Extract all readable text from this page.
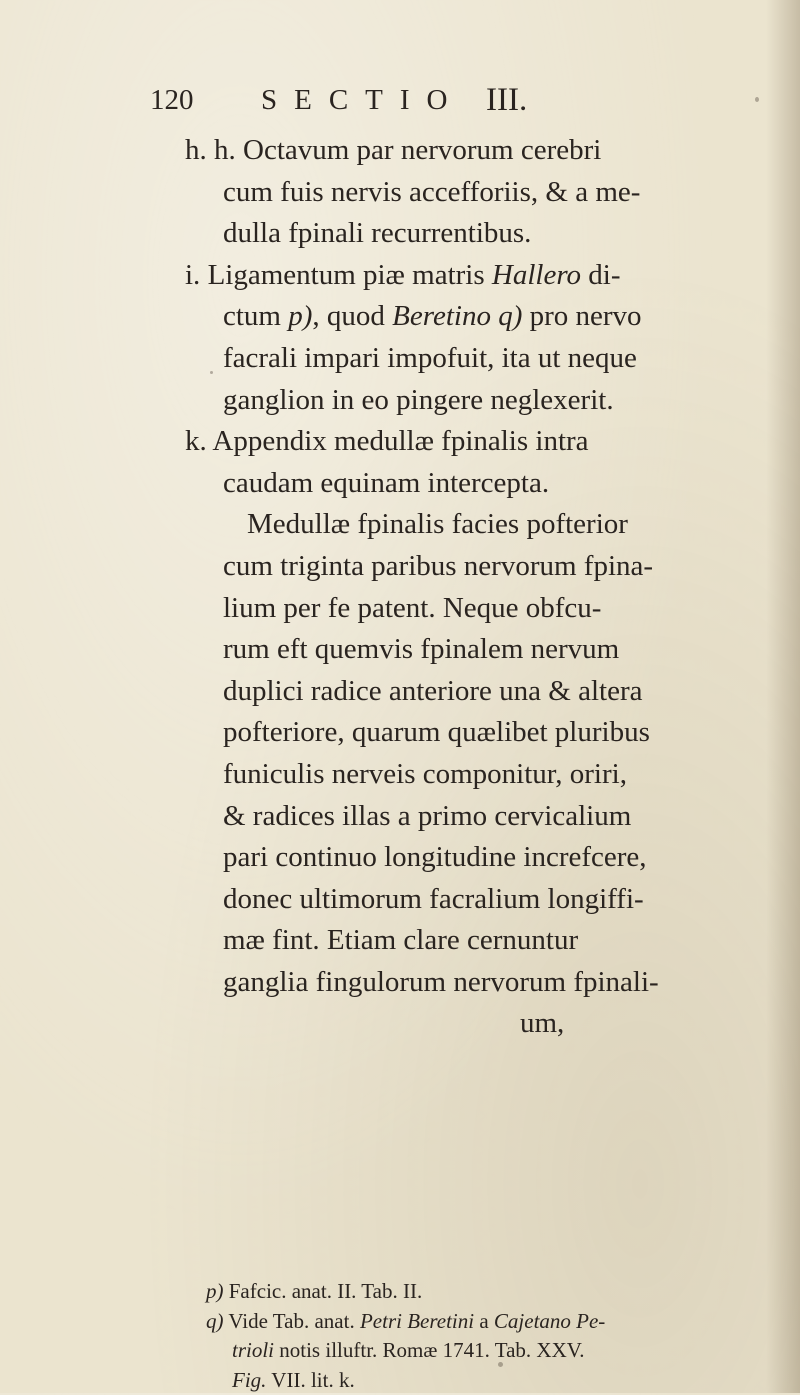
120 SECTIO III.
h. h. Octavum par nervorum cerebri
cum fuis nervis accefforiis, & a me-
dulla fpinali recurrentibus.
i. Ligamentum piæ matris Hallero di-
ctum p), quod Beretino q) pro nervo
facrali impari impofuit, ita ut neque
ganglion in eo pingere neglexerit.
k. Appendix medullæ fpinalis intra
caudam equinam intercepta.
Medullæ fpinalis facies pofterior
cum triginta paribus nervorum fpina-
lium per fe patent. Neque obfcu-
rum eft quemvis fpinalem nervum
duplici radice anteriore una & altera
pofteriore, quarum quælibet pluribus
funiculis nerveis componitur, oriri,
& radices illas a primo cervicalium
pari continuo longitudine increfcere,
donec ultimorum facralium longiffi-
mæ fint. Etiam clare cernuntur
ganglia fingulorum nervorum fpinali-
um,
p) Fafcic. anat. II. Tab. II.
q) Vide Tab. anat. Petri Beretini a Cajetano Pe-
trioli notis illuftr. Romæ 1741. Tab. XXV.
Fig. VII. lit. k.
